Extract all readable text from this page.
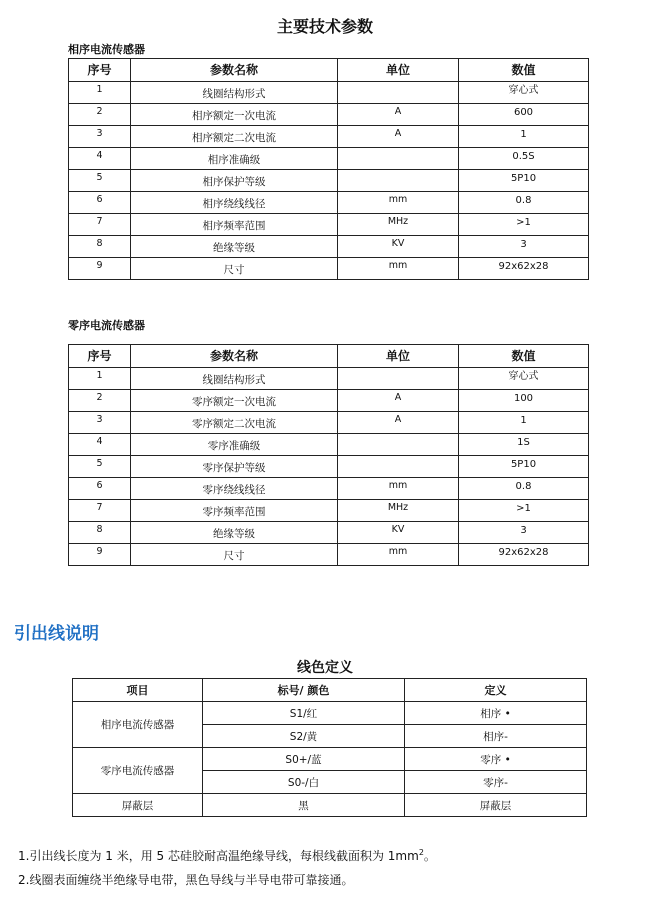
主要技术参数
相序电流传感器
序号	参数名称	单位	数值
1	线圈结构形式		穿心式
2	相序额定一次电流	A	600
3	相序额定二次电流	A	1
4	相序准确级		0.5S
5	相序保护等级		5P10
6	相序绕线线径	mm	0.8
7	相序频率范围	MHz	>1
8	绝缘等级	KV	3
9	尺寸	mm	92x62x28
零序电流传感器
序号	参数名称	单位	数值
1	线圈结构形式		穿心式
2	零序额定一次电流	A	100
3	零序额定二次电流	A	1
4	零序准确级		1S
5	零序保护等级		5P10
6	零序绕线线径	mm	0.8
7	零序频率范围	MHz	>1
8	绝缘等级	KV	3
9	尺寸	mm	92x62x28
引出线说明
线色定义
项目	标号/ 颜色	定义
相序电流传感器	S1/红	相序 •
	S2/黄	相序-
零序电流传感器	S0+/蓝	零序 •
	S0-/白	零序-
屏蔽层	黑	屏蔽层
1.引出线长度为 1 米，用 5 芯硅胶耐高温绝缘导线，每根线截面积为 $1mm^2$。
2.线圈表面缠绕半绝缘导电带，黑色导线与半导电带可靠接通。
